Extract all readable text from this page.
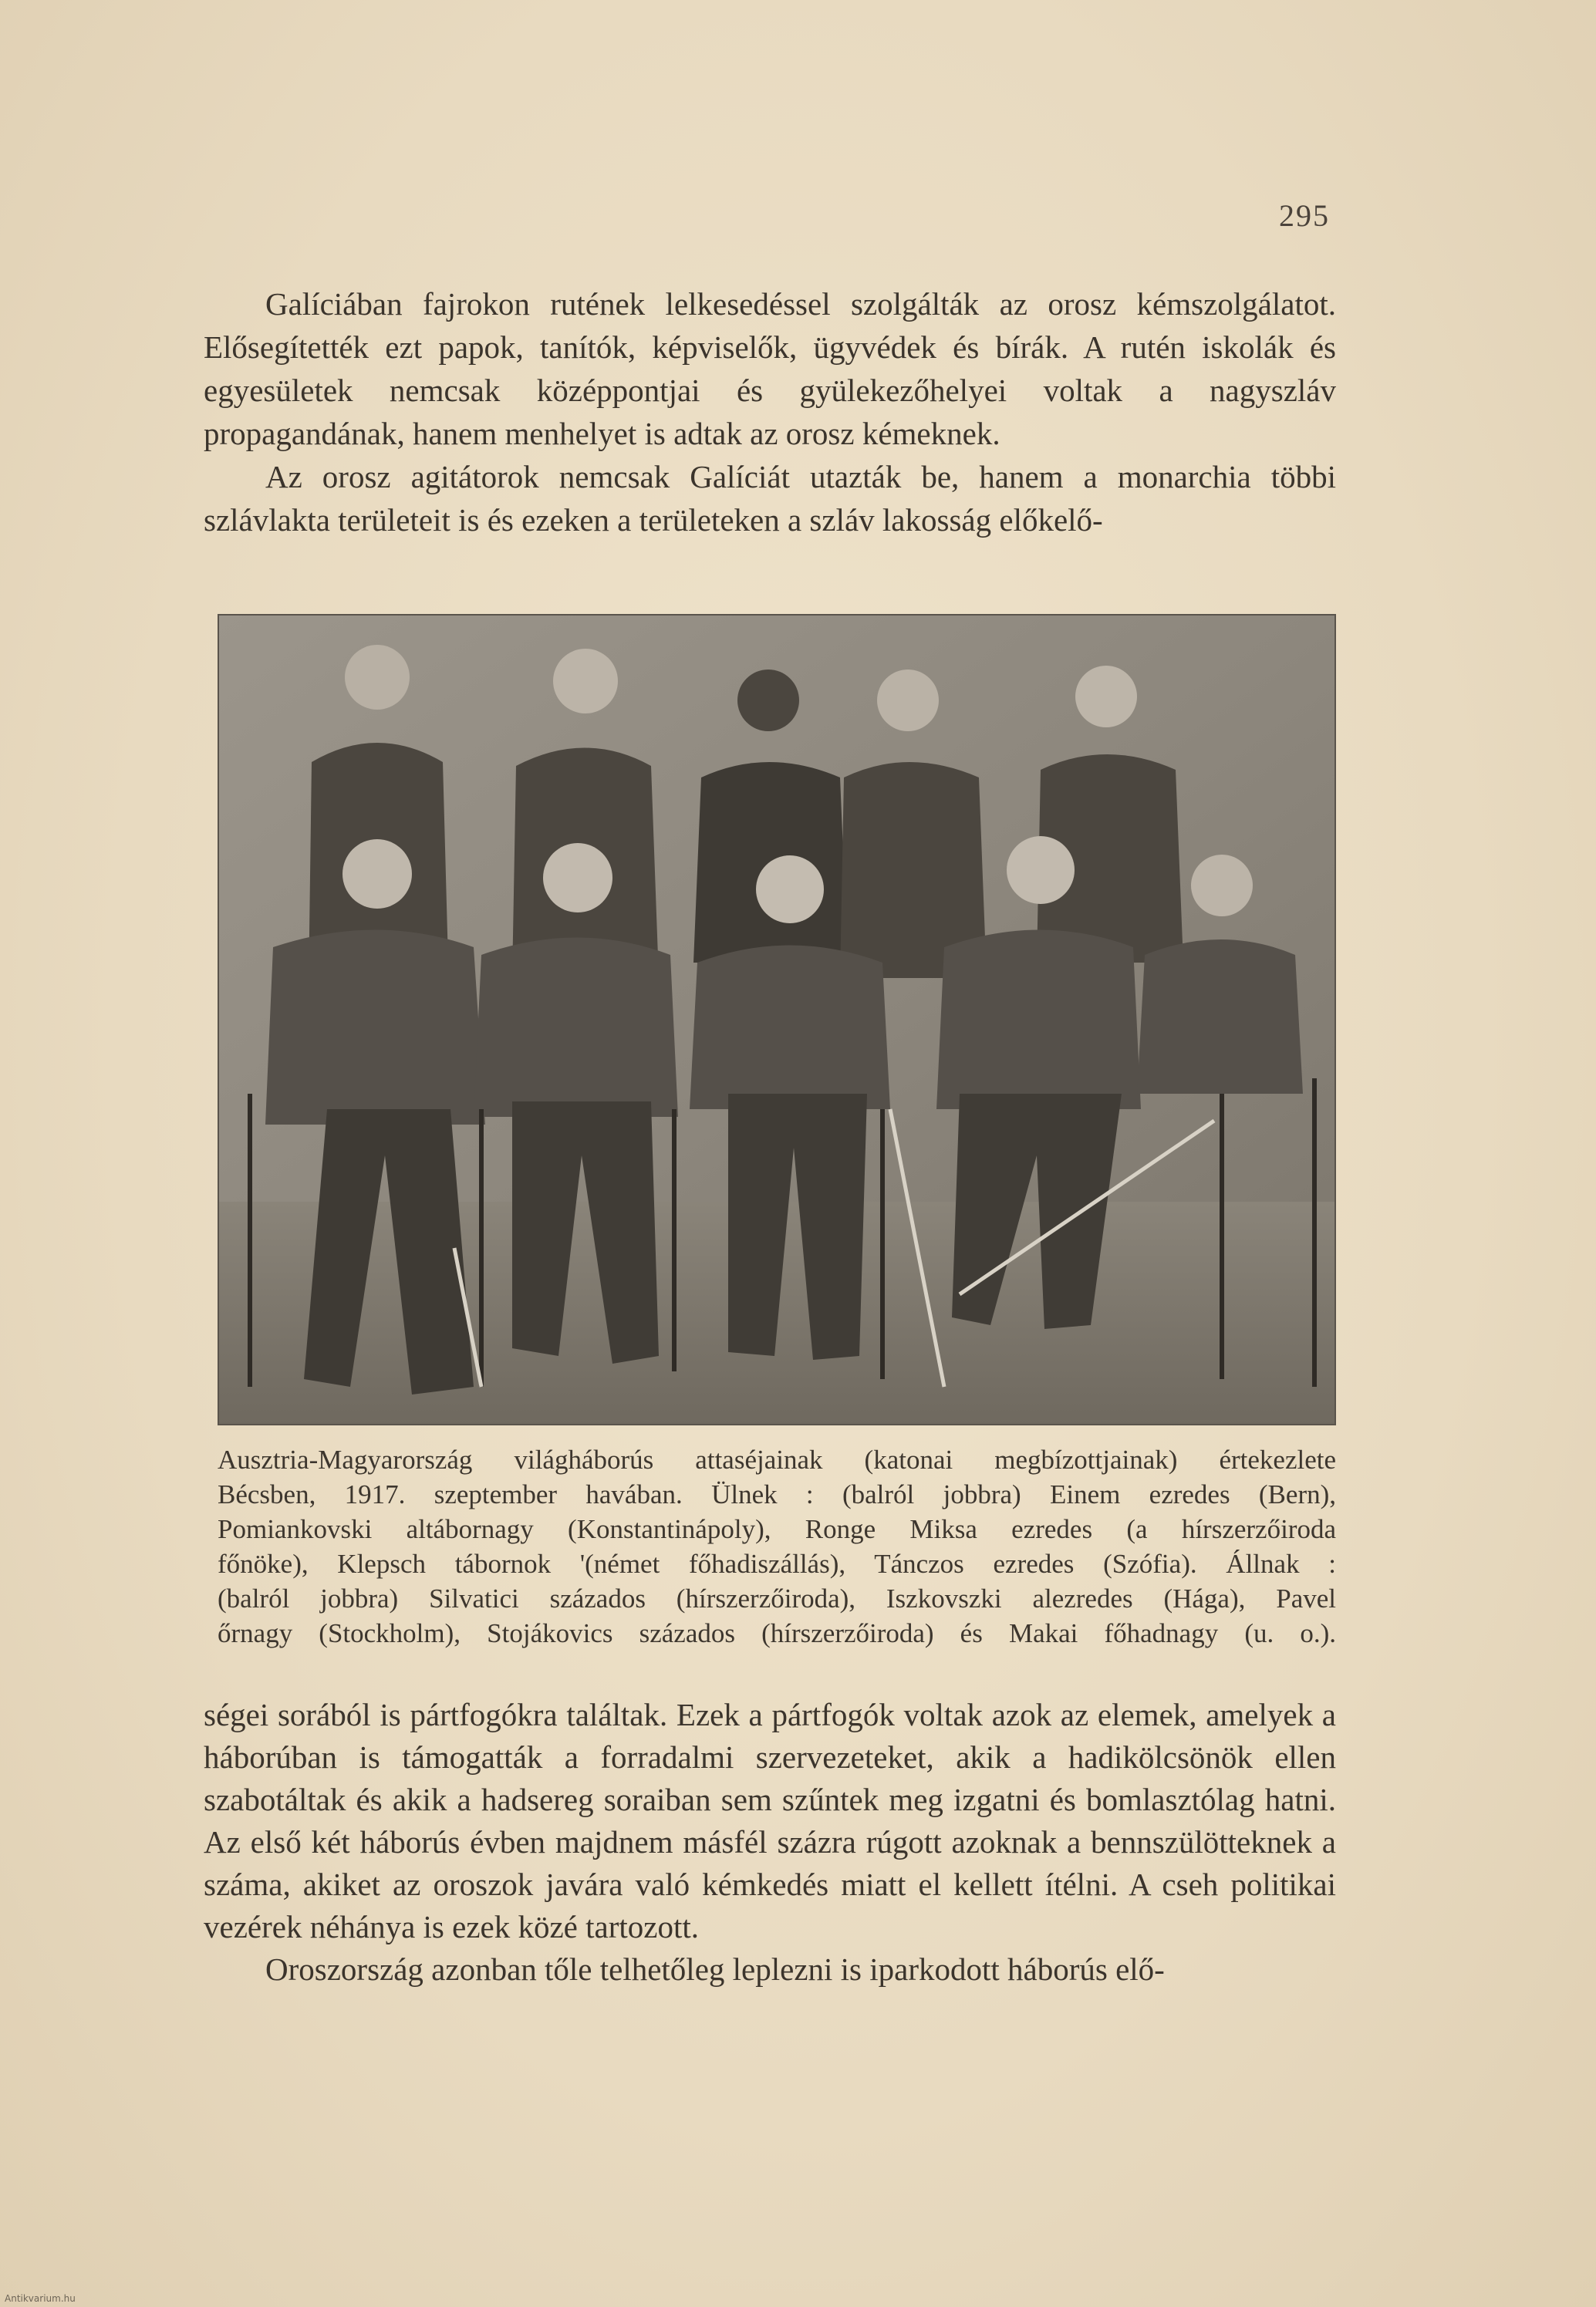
295

Galíciában fajrokon rutének lelkesedéssel szolgálták az orosz kémszolgálatot. Elősegítették ezt papok, tanítók, képviselők, ügyvédek és bírák. A rutén iskolák és egyesületek nemcsak középpontjai és gyülekezőhelyei voltak a nagyszláv propagandának, hanem menhelyet is adtak az orosz kémeknek.

Az orosz agitátorok nemcsak Galíciát utazták be, hanem a monarchia többi szlávlakta területeit is és ezeken a területeken a szláv lakosság előkelő-

Ausztria-Magyarország világháborús attaséjainak (katonai megbízottjainak) értekezlete
Bécsben, 1917. szeptember havában. Ülnek : (balról jobbra) Einem ezredes (Bern),
Pomiankovski altábornagy (Konstantinápoly), Ronge Miksa ezredes (a hírszerzőiroda
főnöke), Klepsch tábornok '(német főhadiszállás), Tánczos ezredes (Szófia). Állnak :
(balról jobbra) Silvatici százados (hírszerzőiroda), Iszkovszki alezredes (Hága), Pavel
őrnagy (Stockholm), Stojákovics százados (hírszerzőiroda) és Makai főhadnagy (u. o.).

ségei sorából is pártfogókra találtak. Ezek a pártfogók voltak azok az elemek, amelyek a háborúban is támogatták a forradalmi szervezeteket, akik a hadikölcsönök ellen szabotáltak és akik a hadsereg soraiban sem szűntek meg izgatni és bomlasztólag hatni. Az első két háborús évben majdnem másfél százra rúgott azoknak a bennszülötteknek a száma, akiket az oroszok javára való kémkedés miatt el kellett ítélni. A cseh politikai vezérek néhánya is ezek közé tartozott.

Oroszország azonban tőle telhetőleg leplezni is iparkodott háborús elő-

Antikvarium.hu
